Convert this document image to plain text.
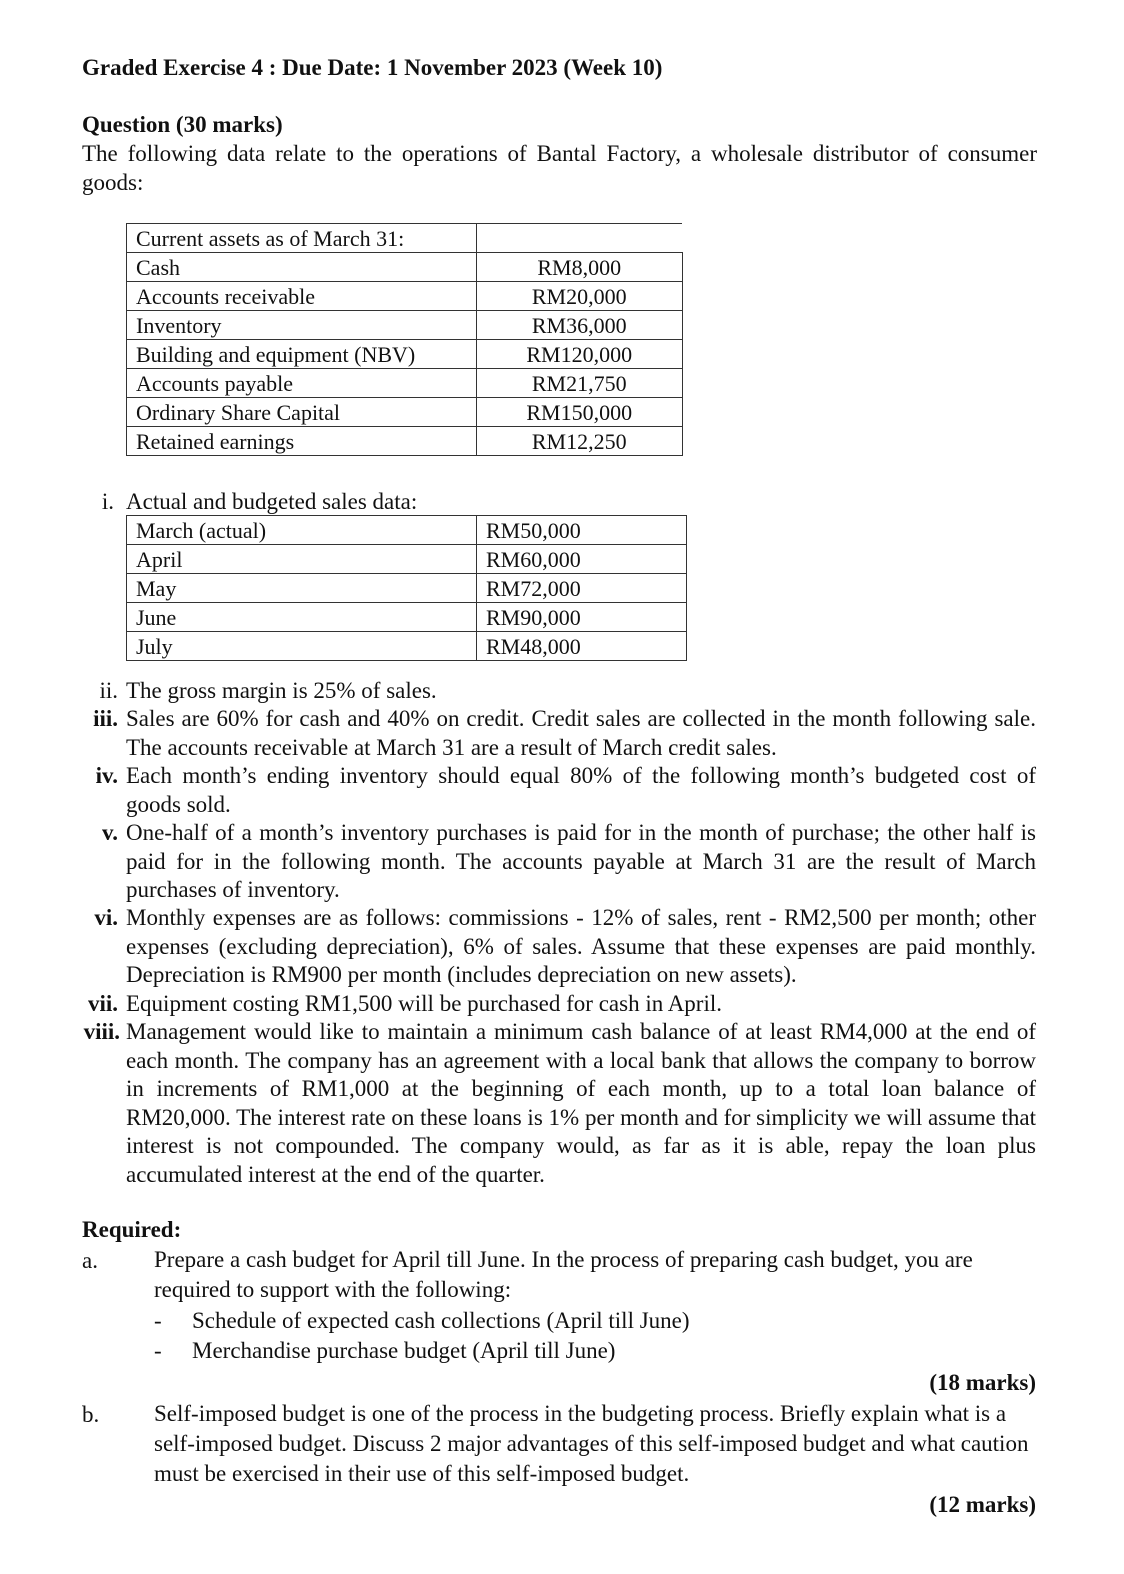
Graded Exercise 4 : Due Date: 1 November 2023 (Week 10)
Question (30 marks)
The following data relate to the operations of Bantal Factory, a wholesale distributor of consumer goods:
Current assets as of March 31:	
Cash	RM8,000
Accounts receivable	RM20,000
Inventory	RM36,000
Building and equipment (NBV)	RM120,000
Accounts payable	RM21,750
Ordinary Share Capital	RM150,000
Retained earnings	RM12,250
i. Actual and budgeted sales data:
March (actual)	RM50,000
April	RM60,000
May	RM72,000
June	RM90,000
July	RM48,000
ii. The gross margin is 25% of sales.
iii. Sales are 60% for cash and 40% on credit. Credit sales are collected in the month following sale. The accounts receivable at March 31 are a result of March credit sales.
iv. Each month’s ending inventory should equal 80% of the following month’s budgeted cost of goods sold.
v. One-half of a month’s inventory purchases is paid for in the month of purchase; the other half is paid for in the following month. The accounts payable at March 31 are the result of March purchases of inventory.
vi. Monthly expenses are as follows: commissions - 12% of sales, rent - RM2,500 per month; other expenses (excluding depreciation), 6% of sales. Assume that these expenses are paid monthly. Depreciation is RM900 per month (includes depreciation on new assets).
vii. Equipment costing RM1,500 will be purchased for cash in April.
viii. Management would like to maintain a minimum cash balance of at least RM4,000 at the end of each month. The company has an agreement with a local bank that allows the company to borrow in increments of RM1,000 at the beginning of each month, up to a total loan balance of RM20,000. The interest rate on these loans is 1% per month and for simplicity we will assume that interest is not compounded. The company would, as far as it is able, repay the loan plus accumulated interest at the end of the quarter.
Required:
a. Prepare a cash budget for April till June. In the process of preparing cash budget, you are required to support with the following:
- Schedule of expected cash collections (April till June)
- Merchandise purchase budget (April till June)
(18 marks)
b. Self-imposed budget is one of the process in the budgeting process. Briefly explain what is a self-imposed budget. Discuss 2 major advantages of this self-imposed budget and what caution must be exercised in their use of this self-imposed budget.
(12 marks)
